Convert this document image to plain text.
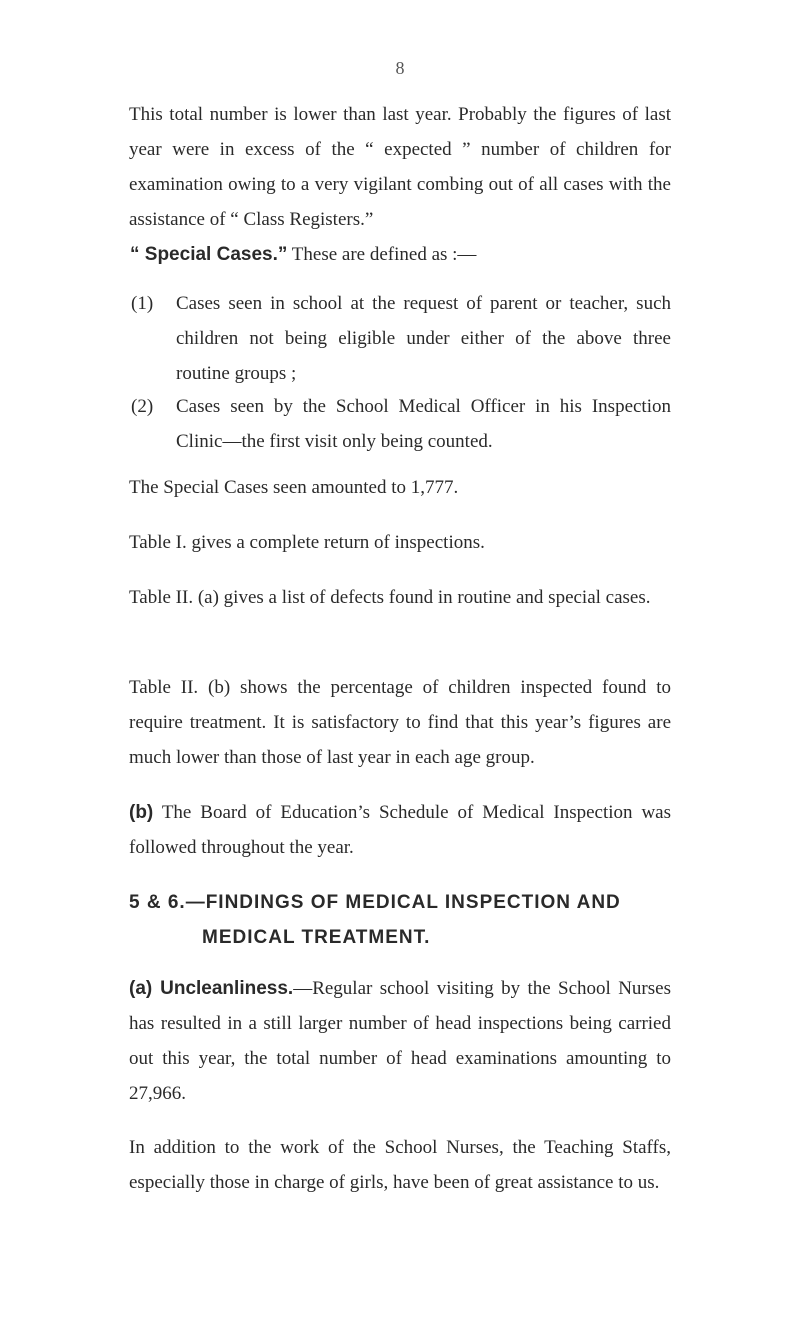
8

This total number is lower than last year. Probably the figures of last year were in excess of the “ expected ” number of children for examination owing to a very vigilant combing out of all cases with the assistance of “ Class Registers.”

“ Special Cases.” These are defined as :—

(1) Cases seen in school at the request of parent or teacher, such children not being eligible under either of the above three routine groups ;
(2) Cases seen by the School Medical Officer in his Inspection Clinic—the first visit only being counted.

The Special Cases seen amounted to 1,777.

Table I. gives a complete return of inspections.

Table II. (a) gives a list of defects found in routine and special cases.

Table II. (b) shows the percentage of children inspected found to require treatment. It is satisfactory to find that this year’s figures are much lower than those of last year in each age group.

(b) The Board of Education’s Schedule of Medical Inspection was followed throughout the year.

5 & 6.—FINDINGS OF MEDICAL INSPECTION AND
MEDICAL TREATMENT.

(a) Uncleanliness.—Regular school visiting by the School Nurses has resulted in a still larger number of head inspections being carried out this year, the total number of head examinations amounting to 27,966.

In addition to the work of the School Nurses, the Teaching Staffs, especially those in charge of girls, have been of great assistance to us.
